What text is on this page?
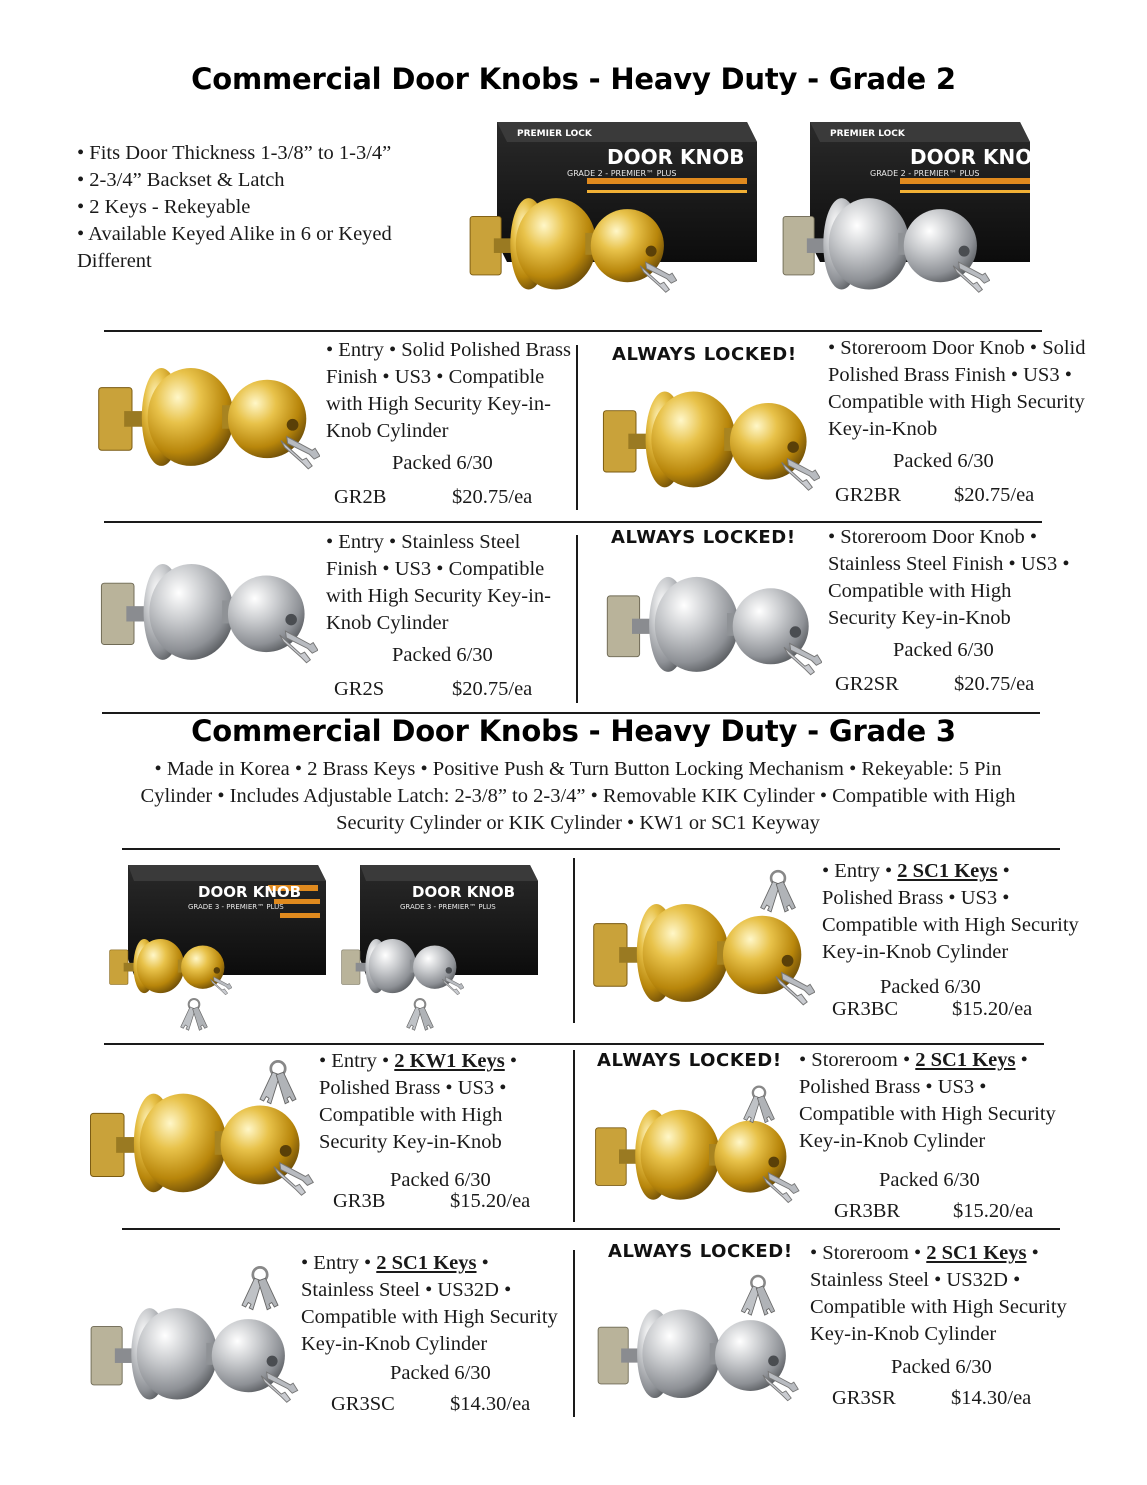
Commercial Door Knobs - Heavy Duty - Grade 2

• Fits Door Thickness 1-3/8” to 1-3/4”

• 2-3/4” Backset & Latch

• 2 Keys - Rekeyable

• Available Keyed Alike in 6 or Keyed Different

PREMIER LOCK
DOOR KNOB
GRADE 2 - PREMIER™ PLUS
PREMIER LOCK
DOOR KNOB
GRADE 2 - PREMIER™ PLUS
• Entry • Solid Polished Brass Finish • US3 • Compatible with High Security Key-in-Knob Cylinder
Packed 6/30
GR2B	$20.75/ea
ALWAYS LOCKED! • Storeroom Door Knob • Solid Polished Brass Finish • US3 • Compatible with High Security Key-in-Knob
Packed 6/30
GR2BR	$20.75/ea
• Entry • Stainless Steel Finish • US3 • Compatible with High Security Key-in-Knob Cylinder
Packed 6/30
GR2S	$20.75/ea
ALWAYS LOCKED! • Storeroom Door Knob • Stainless Steel Finish • US3 • Compatible with High Security Key-in-Knob
Packed 6/30
GR2SR	$20.75/ea
Commercial Door Knobs - Heavy Duty - Grade 3
• Made in Korea • 2 Brass Keys • Positive Push & Turn Button Locking Mechanism • Rekeyable: 5 Pin Cylinder • Includes Adjustable Latch: 2-3/8” to 2-3/4” • Removable KIK Cylinder • Compatible with High Security Cylinder or KIK Cylinder • KW1 or SC1 Keyway
DOOR KNOB
GRADE 3 - PREMIER™ PLUS
DOOR KNOB
GRADE 3 - PREMIER™ PLUS
• Entry • 2 SC1 Keys • Polished Brass • US3 • Compatible with High Security Key-in-Knob Cylinder
Packed 6/30
GR3BC	$15.20/ea
• Entry • 2 KW1 Keys • Polished Brass • US3 • Compatible with High Security Key-in-Knob
Packed 6/30
GR3B	$15.20/ea
ALWAYS LOCKED! • Storeroom • 2 SC1 Keys • Polished Brass • US3 • Compatible with High Security Key-in-Knob Cylinder
Packed 6/30
GR3BR	$15.20/ea
• Entry • 2 SC1 Keys • Stainless Steel • US32D • Compatible with High Security Key-in-Knob Cylinder
Packed 6/30
GR3SC	$14.30/ea
ALWAYS LOCKED! • Storeroom • 2 SC1 Keys • Stainless Steel • US32D • Compatible with High Security Key-in-Knob Cylinder
Packed 6/30
GR3SR	$14.30/ea
